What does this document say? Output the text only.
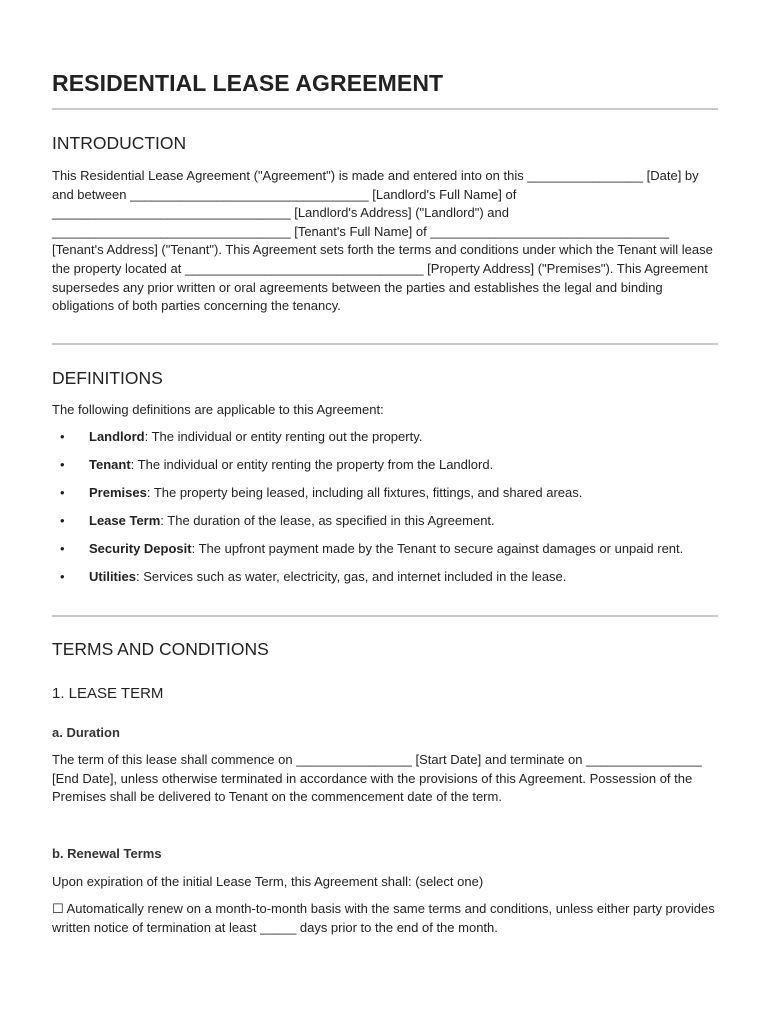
RESIDENTIAL LEASE AGREEMENT
INTRODUCTION

This Residential Lease Agreement ("Agreement") is made and entered into on this ________________ [Date] by and between _________________________________ [Landlord's Full Name] of _________________________________ [Landlord's Address] ("Landlord") and _________________________________ [Tenant's Full Name] of _________________________________ [Tenant's Address] ("Tenant"). This Agreement sets forth the terms and conditions under which the Tenant will lease the property located at _________________________________ [Property Address] ("Premises"). This Agreement supersedes any prior written or oral agreements between the parties and establishes the legal and binding obligations of both parties concerning the tenancy.

DEFINITIONS

The following definitions are applicable to this Agreement:

• Landlord: The individual or entity renting out the property.
• Tenant: The individual or entity renting the property from the Landlord.
• Premises: The property being leased, including all fixtures, fittings, and shared areas.
• Lease Term: The duration of the lease, as specified in this Agreement.
• Security Deposit: The upfront payment made by the Tenant to secure against damages or unpaid rent.
• Utilities: Services such as water, electricity, gas, and internet included in the lease.
TERMS AND CONDITIONS
1. LEASE TERM
a. Duration

The term of this lease shall commence on ________________ [Start Date] and terminate on ________________ [End Date], unless otherwise terminated in accordance with the provisions of this Agreement. Possession of the Premises shall be delivered to Tenant on the commencement date of the term.

b. Renewal Terms

Upon expiration of the initial Lease Term, this Agreement shall: (select one)

☐ Automatically renew on a month-to-month basis with the same terms and conditions, unless either party provides written notice of termination at least _____ days prior to the end of the month.
